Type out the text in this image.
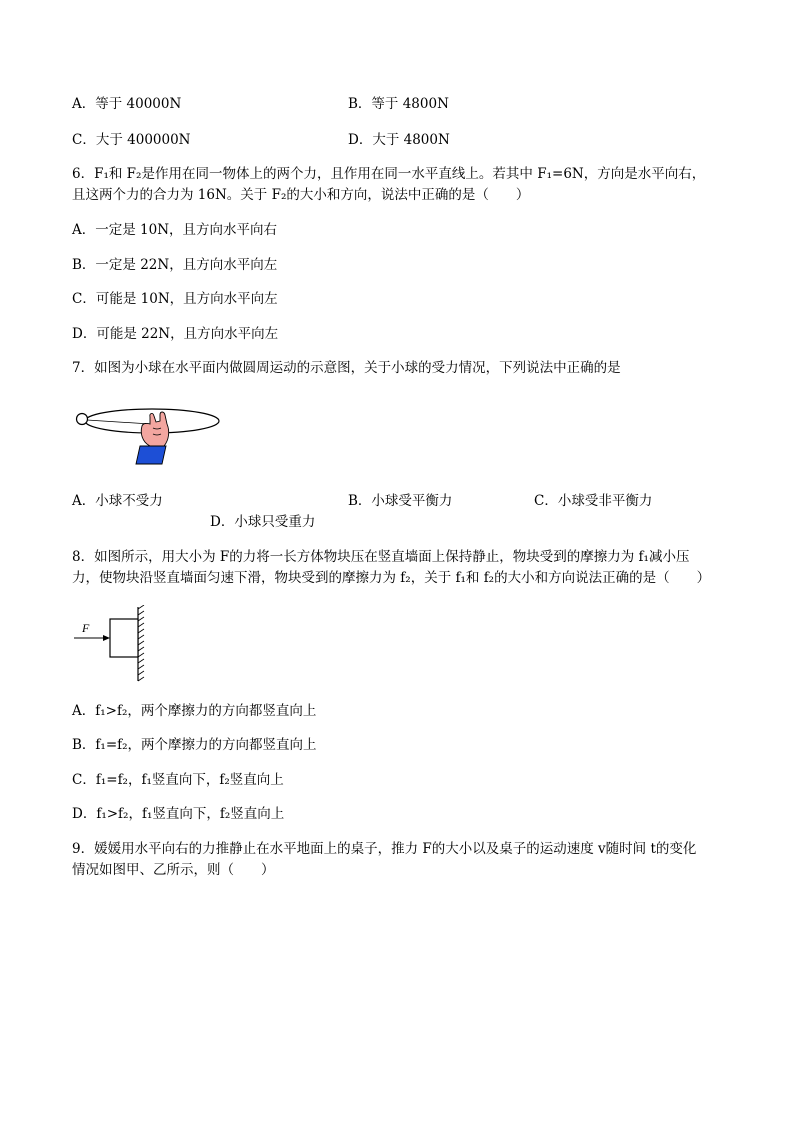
A．等于 40000N	B．等于 4800N
C．大于 400000N	D．大于 4800N
6．F₁和 F₂是作用在同一物体上的两个力，且作用在同一水平直线上。若其中 F₁=6N，方向是水平向右，
且这两个力的合力为 16N。关于 F₂的大小和方向，说法中正确的是（　　）
A．一定是 10N，且方向水平向右
B．一定是 22N，且方向水平向左
C．可能是 10N，且方向水平向左
D．可能是 22N，且方向水平向左
7．如图为小球在水平面内做圆周运动的示意图，关于小球的受力情况，下列说法中正确的是
A．小球不受力	B．小球受平衡力	C．小球受非平衡力
D．小球只受重力
8．如图所示，用大小为 F的力将一长方体物块压在竖直墙面上保持静止，物块受到的摩擦力为 f₁减小压
力，使物块沿竖直墙面匀速下滑，物块受到的摩擦力为 f₂，关于 f₁和 f₂的大小和方向说法正确的是（　　）
F
A．f₁>f₂，两个摩擦力的方向都竖直向上
B．f₁=f₂，两个摩擦力的方向都竖直向上
C．f₁=f₂，f₁竖直向下，f₂竖直向上
D．f₁>f₂，f₁竖直向下，f₂竖直向上
9．媛媛用水平向右的力推静止在水平地面上的桌子，推力 F的大小以及桌子的运动速度 v随时间 t的变化
情况如图甲、乙所示，则（　　）
